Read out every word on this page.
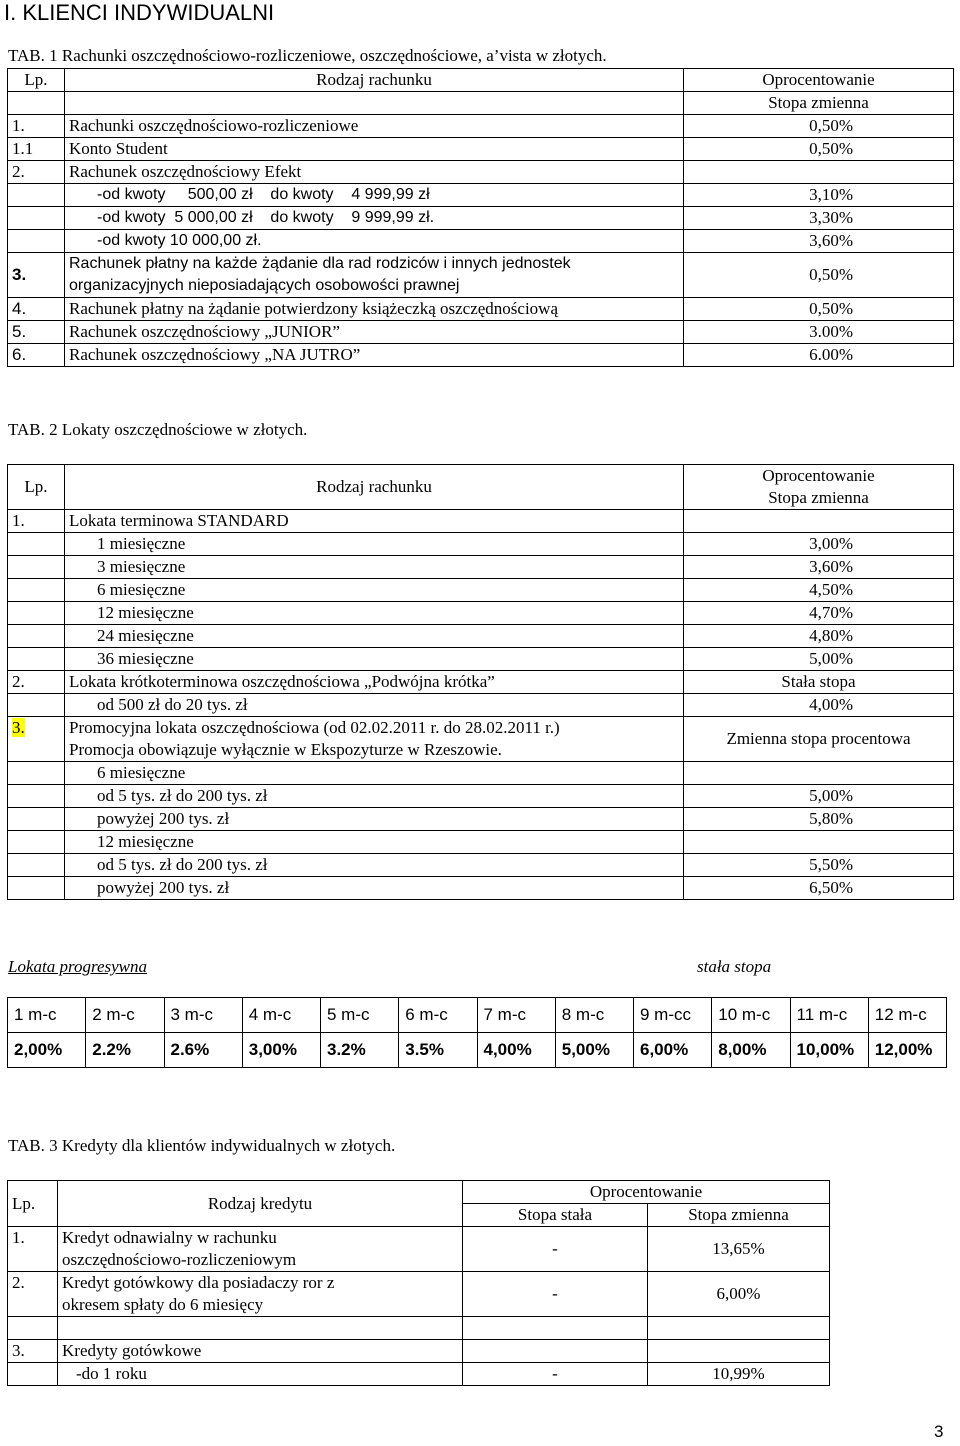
I. KLIENCI INDYWIDUALNI
TAB. 1 Rachunki oszczędnościowo-rozliczeniowe, oszczędnościowe, a’vista w złotych.
Lp.	Rodzaj rachunku	Oprocentowanie
		Stopa zmienna
1.	Rachunki oszczędnościowo-rozliczeniowe	0,50%
1.1	Konto Student	0,50%
2.	Rachunek oszczędnościowy Efekt	
	-od kwoty     500,00 zł    do kwoty    4 999,99 zł	3,10%
	-od kwoty  5 000,00 zł    do kwoty    9 999,99 zł.	3,30%
	-od kwoty 10 000,00 zł.	3,60%
3.	Rachunek płatny na każde żądanie dla rad rodziców i innych jednostek
organizacyjnych nieposiadających osobowości prawnej	0,50%
4.	Rachunek płatny na żądanie potwierdzony książeczką oszczędnościową	0,50%
5.	Rachunek oszczędnościowy „JUNIOR”	3.00%
6.	Rachunek oszczędnościowy „NA JUTRO”	6.00%
TAB. 2 Lokaty oszczędnościowe w złotych.
Lp.	Rodzaj rachunku	Oprocentowanie
Stopa zmienna

1.	Lokata terminowa STANDARD	
	1 miesięczne	3,00%
	3 miesięczne	3,60%
	6 miesięczne	4,50%
	12 miesięczne	4,70%
	24 miesięczne	4,80%
	36 miesięczne	5,00%
2.	Lokata krótkoterminowa oszczędnościowa „Podwójna krótka”	Stała stopa
	od 500 zł do 20 tys. zł	4,00%
3.	Promocyjna lokata oszczędnościowa (od 02.02.2011 r. do 28.02.2011 r.)
Promocja obowiązuje wyłącznie w Ekspozyturze w Rzeszowie.	Zmienna stopa procentowa
	6 miesięczne	
	od 5 tys. zł do 200 tys. zł	5,00%
	powyżej 200 tys. zł	5,80%
	12 miesięczne	
	od 5 tys. zł do 200 tys. zł	5,50%
	powyżej 200 tys. zł	6,50%
Lokata progresywna	stała stopa
1 m-c	2 m-c	3 m-c	4 m-c	5 m-c	6 m-c	7 m-c	8 m-c	9 m-cc	10 m-c	11 m-c	12 m-c
2,00%	2.2%	2.6%	3,00%	3.2%	3.5%	4,00%	5,00%	6,00%	8,00%	10,00%	12,00%
TAB. 3 Kredyty dla klientów indywidualnych w złotych.
Lp.	Rodzaj kredytu	Oprocentowanie	
		Stopa stała	Stopa zmienna
1.	Kredyt odnawialny w rachunku
oszczędnościowo-rozliczeniowym	-	13,65%
2.	Kredyt gotówkowy dla posiadaczy ror z
okresem spłaty do 6 miesięcy	-	6,00%

3.	Kredyty gotówkowe		
	-do 1 roku	-	10,99%
3
